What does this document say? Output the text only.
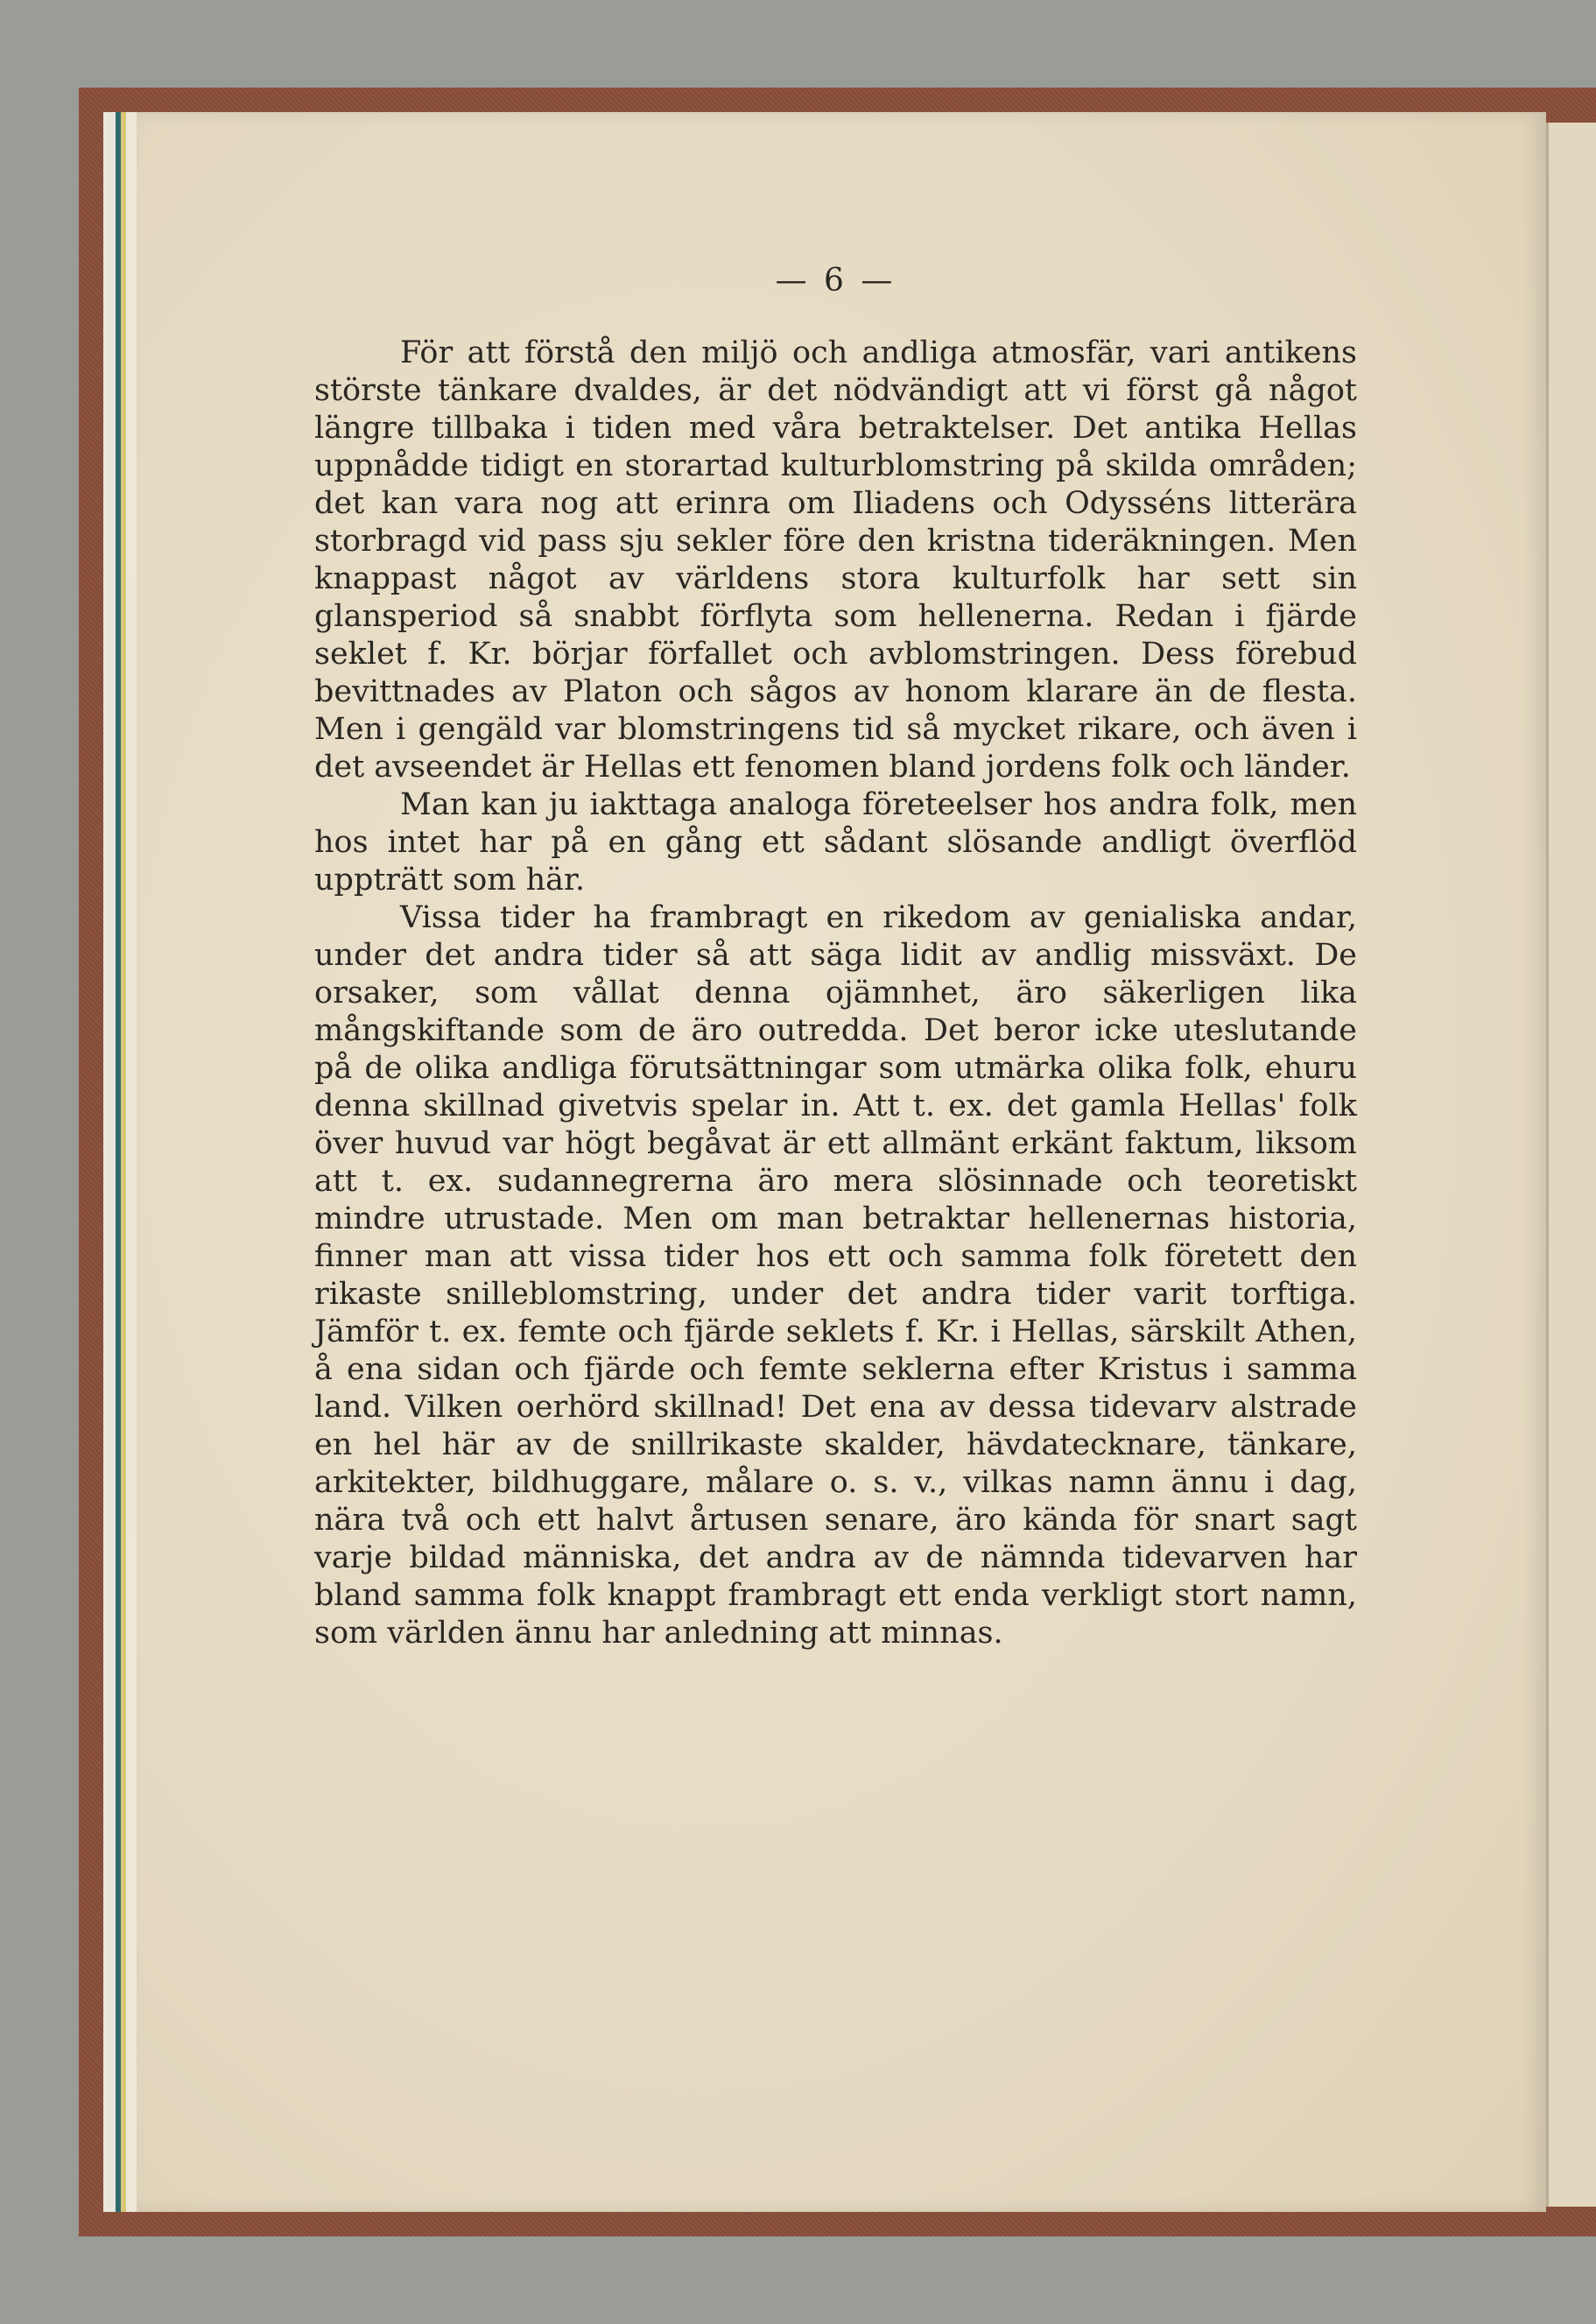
— 6 —

För att förstå den miljö och andliga atmosfär, vari antikens störste tänkare dvaldes, är det nödvändigt att vi först gå något längre tillbaka i tiden med våra betraktelser. Det antika Hellas uppnådde tidigt en storartad kulturblomstring på skilda områden; det kan vara nog att erinra om Iliadens och Odysséns litterära storbragd vid pass sju sekler före den kristna tideräkningen. Men knappast något av världens stora kulturfolk har sett sin glansperiod så snabbt förflyta som hellenerna. Redan i fjärde seklet f. Kr. börjar förfallet och avblomstringen. Dess förebud bevittnades av Platon och sågos av honom klarare än de flesta. Men i gengäld var blomstringens tid så mycket rikare, och även i det avseendet är Hellas ett fenomen bland jordens folk och länder.

Man kan ju iakttaga analoga företeelser hos andra folk, men hos intet har på en gång ett sådant slösande andligt överflöd uppträtt som här.

Vissa tider ha frambragt en rikedom av genialiska andar, under det andra tider så att säga lidit av andlig missväxt. De orsaker, som vållat denna ojämnhet, äro säkerligen lika mångskiftande som de äro outredda. Det beror icke uteslutande på de olika andliga förutsättningar som utmärka olika folk, ehuru denna skillnad givetvis spelar in. Att t. ex. det gamla Hellas' folk över huvud var högt begåvat är ett allmänt erkänt faktum, liksom att t. ex. sudannegrerna äro mera slösinnade och teoretiskt mindre utrustade. Men om man betraktar hellenernas historia, finner man att vissa tider hos ett och samma folk företett den rikaste snilleblomstring, under det andra tider varit torftiga. Jämför t. ex. femte och fjärde seklets f. Kr. i Hellas, särskilt Athen, å ena sidan och fjärde och femte seklerna efter Kristus i samma land. Vilken oerhörd skillnad! Det ena av dessa tidevarv alstrade en hel här av de snillrikaste skalder, hävdatecknare, tänkare, arkitekter, bildhuggare, målare o. s. v., vilkas namn ännu i dag, nära två och ett halvt årtusen senare, äro kända för snart sagt varje bildad människa, det andra av de nämnda tidevarven har bland samma folk knappt frambragt ett enda verkligt stort namn, som världen ännu har anledning att minnas.
